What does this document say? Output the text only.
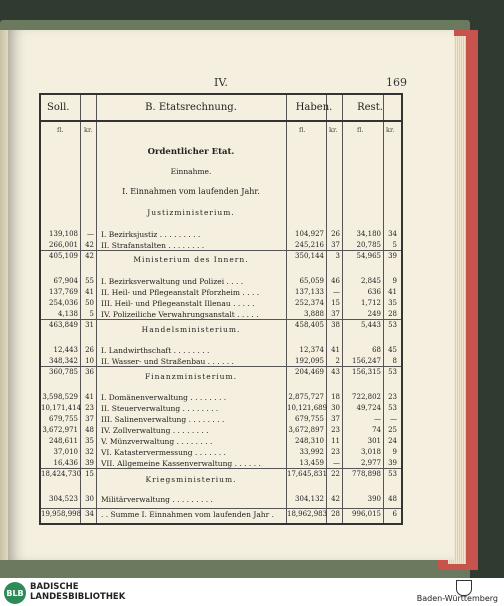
IV.	169
Soll.	B. Etatsrechnung.	Haben.	Rest.
fl.	kr.	fl.	kr.	fl.	kr.
Ordentlicher Etat.
Einnahme.
I. Einnahmen vom laufenden Jahr.
Justizministerium.
Ministerium des Innern.
Handelsministerium.
Finanzministerium.
Kriegsministerium.
139,108	— I. Bezirksjustiz . . . . . . . . .	104,927	26	34,180	34
266,001	42 II. Strafanstalten . . . . . . . .	245,216	37	20,785	5
405,109	42	350,144	3	54,965	39
67,904	55 I. Bezirksverwaltung und Polizei . . . .	65,059	46	2,845	9
137,769	41 II. Heil- und Pflegeanstalt Pforzheim . . . .	137,133	—	636	41
254,036	50 III. Heil- und Pflegeanstalt Illenau . . . . .	252,374	15	1,712	35
4,138	5 IV. Polizeiliche Verwahrungsanstalt . . . . .	3,888	37	249	28
463,849	31	458,405	38	5,443	53
12,443	26 I. Landwirthschaft . . . . . . . .	12,374	41	68	45
348,342	10 II. Wasser- und Straßenbau . . . . . .	192,095	2	156,247	8
360,785	36	204,469	43	156,315	53
3,598,529	41 I. Domänenverwaltung . . . . . . . .	2,875,727	18	722,802	23
10,171,414 23 II. Steuerverwaltung . . . . . . . .	10,121,689 30	49,724	53
679,755	37 III. Salinenverwaltung . . . . . . . .	679,755	37	—	—
3,672,971	48 IV. Zollverwaltung . . . . . . . .	3,672,897	23	74	25
248,611	35 V. Münzverwaltung . . . . . . . .	248,310	11	301	24
37,010	32 VI. Katastervermessung . . . . . . .	33,992	23	3,018	9
16,436	39 VII. Allgemeine Kassenverwaltung . . . . . .	13,459	—	2,977	39
18,424,730 15	17,645,831 22	778,898	53
304,523	30 Militärverwaltung . . . . . . . . .	304,132	42	390	48
19,958,998 34 . . Summe I. Einnahmen vom laufenden Jahr .	18,962,983 28	996,015	6
BLB
BADISCHE
LANDESBIBLIOTHEK	Baden-Württemberg
